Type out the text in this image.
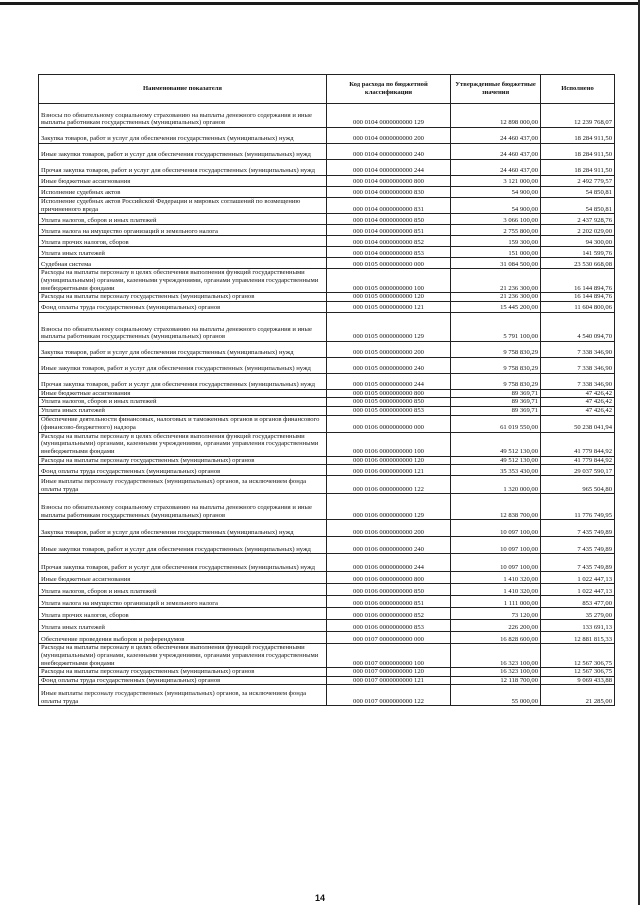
Наименование показателя	Код расхода по бюджетной классификации	Утвержденные бюджетные значения	Исполнено
Взносы по обязательному социальному страхованию на выплаты денежного содержания и иные выплаты работникам государственных (муниципальных) органов	000 0104 0000000000 129	12 898 000,00	12 239 768,07
Закупка товаров, работ и услуг для обеспечения государственных (муниципальных) нужд	000 0104 0000000000 200	24 460 437,00	18 284 911,50
Иные закупки товаров, работ и услуг для обеспечения государственных (муниципальных) нужд	000 0104 0000000000 240	24 460 437,00	18 284 911,50
Прочая закупка товаров, работ и услуг для обеспечения государственных (муниципальных) нужд	000 0104 0000000000 244	24 460 437,00	18 284 911,50
Иные бюджетные ассигнования	000 0104 0000000000 800	3 121 000,00	2 492 779,57
Исполнение судебных актов	000 0104 0000000000 830	54 900,00	54 850,81
Исполнение судебных актов Российской Федерации и мировых соглашений по возмещению причиненного вреда	000 0104 0000000000 831	54 900,00	54 850,81
Уплата налогов, сборов и иных платежей	000 0104 0000000000 850	3 066 100,00	2 437 928,76
Уплата налога на имущество организаций и земельного налога	000 0104 0000000000 851	2 755 800,00	2 202 029,00
Уплата прочих налогов, сборов	000 0104 0000000000 852	159 300,00	94 300,00
Уплата иных платежей	000 0104 0000000000 853	151 000,00	141 599,76
Судебная система	000 0105 0000000000 000	31 084 500,00	23 530 668,08
Расходы на выплаты персоналу в целях обеспечения выполнения функций государственными (муниципальными) органами, казенными учреждениями, органами управления государственными внебюджетными фондами	000 0105 0000000000 100	21 236 300,00	16 144 894,76
Расходы на выплаты персоналу государственных (муниципальных) органов	000 0105 0000000000 120	21 236 300,00	16 144 894,76
Фонд оплаты труда государственных (муниципальных) органов	000 0105 0000000000 121	15 445 200,00	11 604 800,06
Взносы по обязательному социальному страхованию на выплаты денежного содержания и иные выплаты работникам государственных (муниципальных) органов	000 0105 0000000000 129	5 791 100,00	4 540 094,70
Закупка товаров, работ и услуг для обеспечения государственных (муниципальных) нужд	000 0105 0000000000 200	9 758 830,29	7 338 346,90
Иные закупки товаров, работ и услуг для обеспечения государственных (муниципальных) нужд	000 0105 0000000000 240	9 758 830,29	7 338 346,90
Прочая закупка товаров, работ и услуг для обеспечения государственных (муниципальных) нужд	000 0105 0000000000 244	9 758 830,29	7 338 346,90
Иные бюджетные ассигнования	000 0105 0000000000 800	89 369,71	47 426,42
Уплата налогов, сборов и иных платежей	000 0105 0000000000 850	89 369,71	47 426,42
Уплата иных платежей	000 0105 0000000000 853	89 369,71	47 426,42
Обеспечение деятельности финансовых, налоговых и таможенных органов и органов финансового (финансово-бюджетного) надзора	000 0106 0000000000 000	61 019 550,00	50 238 041,94
Расходы на выплаты персоналу в целях обеспечения выполнения функций государственными (муниципальными) органами, казенными учреждениями, органами управления государственными внебюджетными фондами	000 0106 0000000000 100	49 512 130,00	41 779 844,92
Расходы на выплаты персоналу государственных (муниципальных) органов	000 0106 0000000000 120	49 512 130,00	41 779 844,92
Фонд оплаты труда государственных (муниципальных) органов	000 0106 0000000000 121	35 353 430,00	29 037 590,17
Иные выплаты персоналу государственных (муниципальных) органов, за исключением фонда оплаты труда	000 0106 0000000000 122	1 320 000,00	965 504,80
Взносы по обязательному социальному страхованию на выплаты денежного содержания и иные выплаты работникам государственных (муниципальных) органов	000 0106 0000000000 129	12 838 700,00	11 776 749,95
Закупка товаров, работ и услуг для обеспечения государственных (муниципальных) нужд	000 0106 0000000000 200	10 097 100,00	7 435 749,89
Иные закупки товаров, работ и услуг для обеспечения государственных (муниципальных) нужд	000 0106 0000000000 240	10 097 100,00	7 435 749,89
Прочая закупка товаров, работ и услуг для обеспечения государственных (муниципальных) нужд	000 0106 0000000000 244	10 097 100,00	7 435 749,89
Иные бюджетные ассигнования	000 0106 0000000000 800	1 410 320,00	1 022 447,13
Уплата налогов, сборов и иных платежей	000 0106 0000000000 850	1 410 320,00	1 022 447,13
Уплата налога на имущество организаций и земельного налога	000 0106 0000000000 851	1 111 000,00	853 477,00
Уплата прочих налогов, сборов	000 0106 0000000000 852	73 120,00	35 279,00
Уплата иных платежей	000 0106 0000000000 853	226 200,00	133 691,13
Обеспечение проведения выборов и референдумов	000 0107 0000000000 000	16 828 600,00	12 881 815,33
Расходы на выплаты персоналу в целях обеспечения выполнения функций государственными (муниципальными) органами, казенными учреждениями, органами управления государственными внебюджетными фондами	000 0107 0000000000 100	16 323 100,00	12 567 306,75
Расходы на выплаты персоналу государственных (муниципальных) органов	000 0107 0000000000 120	16 323 100,00	12 567 306,75
Фонд оплаты труда государственных (муниципальных) органов	000 0107 0000000000 121	12 118 700,00	9 069 433,88
Иные выплаты персоналу государственных (муниципальных) органов, за исключением фонда оплаты труда	000 0107 0000000000 122	55 000,00	21 285,00
14
